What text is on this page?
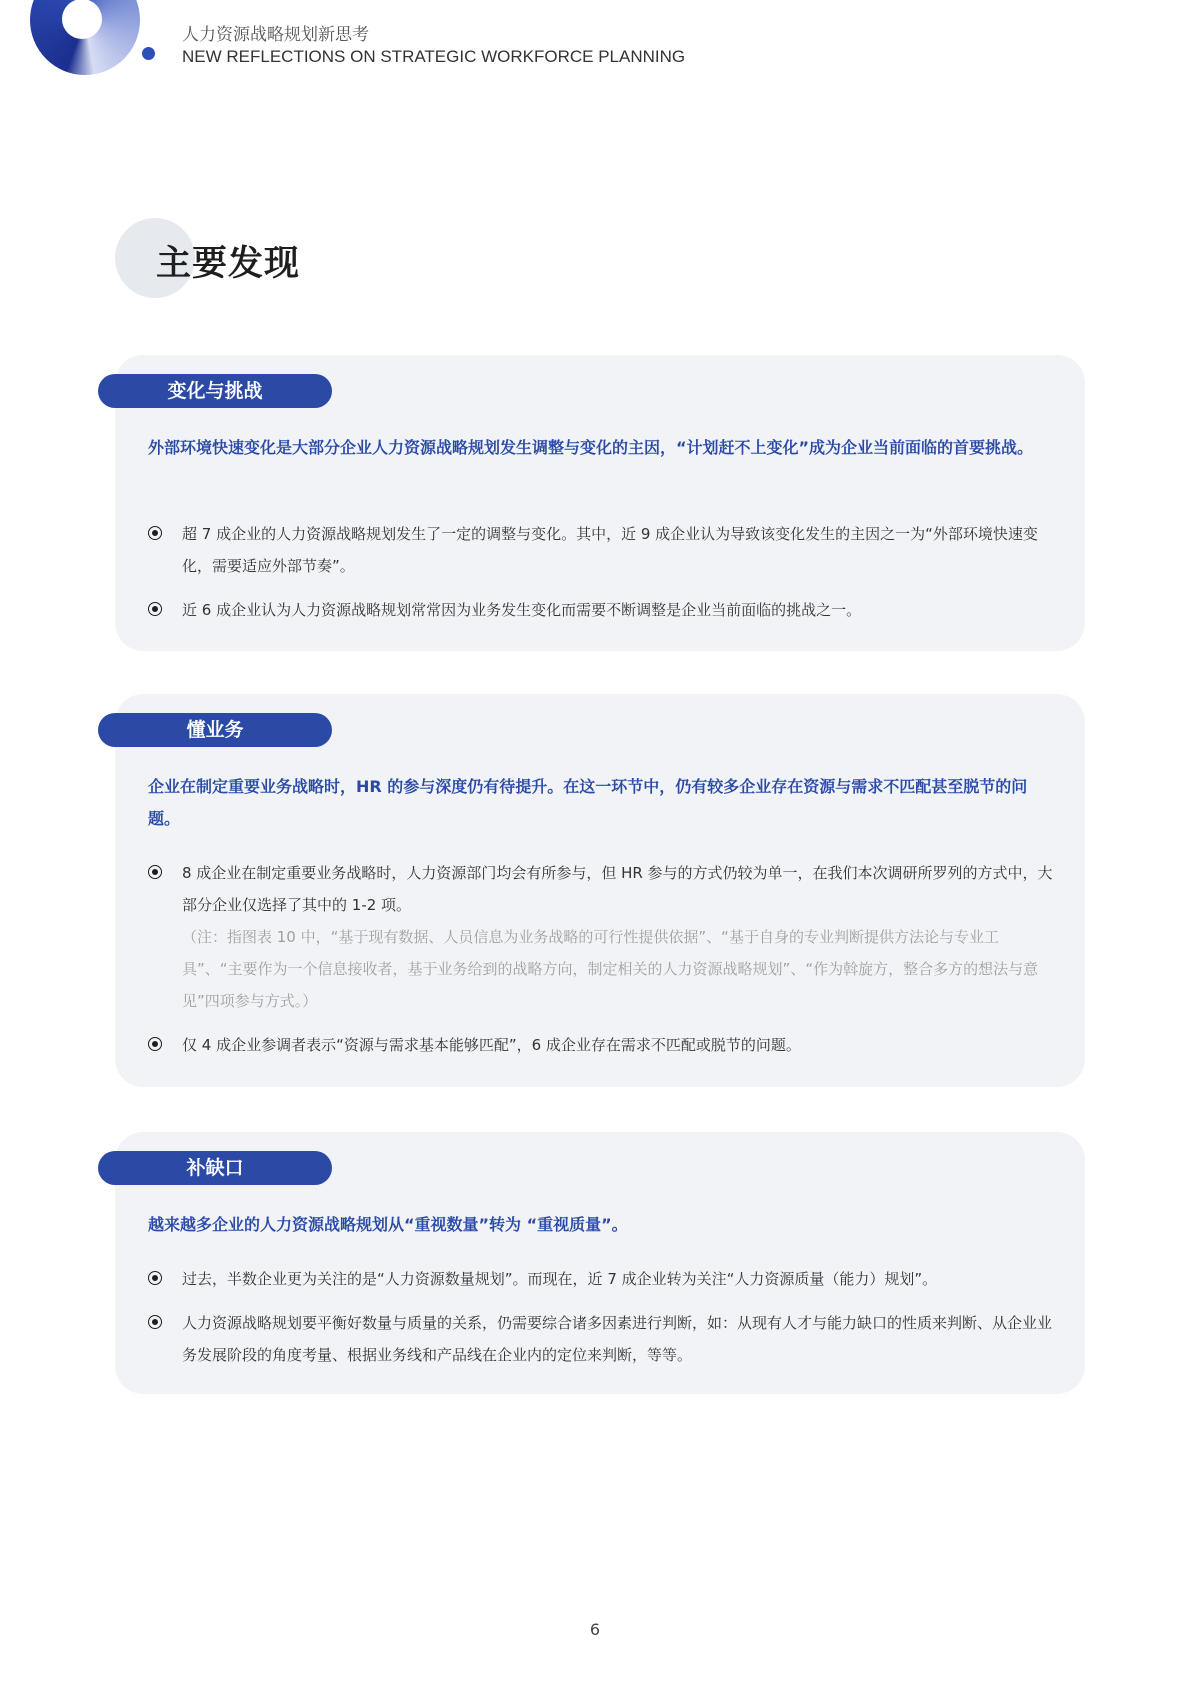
人力资源战略规划新思考
NEW REFLECTIONS ON STRATEGIC WORKFORCE PLANNING
主要发现
变化与挑战

外部环境快速变化是大部分企业人力资源战略规划发生调整与变化的主因，“计划赶不上变化”成为企业当前面临的首要挑战。

超 7 成企业的人力资源战略规划发生了一定的调整与变化。其中，近 9 成企业认为导致该变化发生的主因之一为“外部环境快速变化，需要适应外部节奏”。
近 6 成企业认为人力资源战略规划常常因为业务发生变化而需要不断调整是企业当前面临的挑战之一。
懂业务

企业在制定重要业务战略时，HR 的参与深度仍有待提升。在这一环节中，仍有较多企业存在资源与需求不匹配甚至脱节的问题。

8 成企业在制定重要业务战略时，人力资源部门均会有所参与，但 HR 参与的方式仍较为单一，在我们本次调研所罗列的方式中，大部分企业仅选择了其中的 1-2 项。
（注：指图表 10 中，“基于现有数据、人员信息为业务战略的可行性提供依据”、“基于自身的专业判断提供方法论与专业工具”、“主要作为一个信息接收者，基于业务给到的战略方向，制定相关的人力资源战略规划”、“作为斡旋方，整合多方的想法与意见”四项参与方式。）
仅 4 成企业参调者表示“资源与需求基本能够匹配”，6 成企业存在需求不匹配或脱节的问题。
补缺口

越来越多企业的人力资源战略规划从“重视数量”转为 “重视质量”。

过去，半数企业更为关注的是“人力资源数量规划”。而现在，近 7 成企业转为关注“人力资源质量（能力）规划”。
人力资源战略规划要平衡好数量与质量的关系，仍需要综合诸多因素进行判断，如：从现有人才与能力缺口的性质来判断、从企业业务发展阶段的角度考量、根据业务线和产品线在企业内的定位来判断，等等。
6
